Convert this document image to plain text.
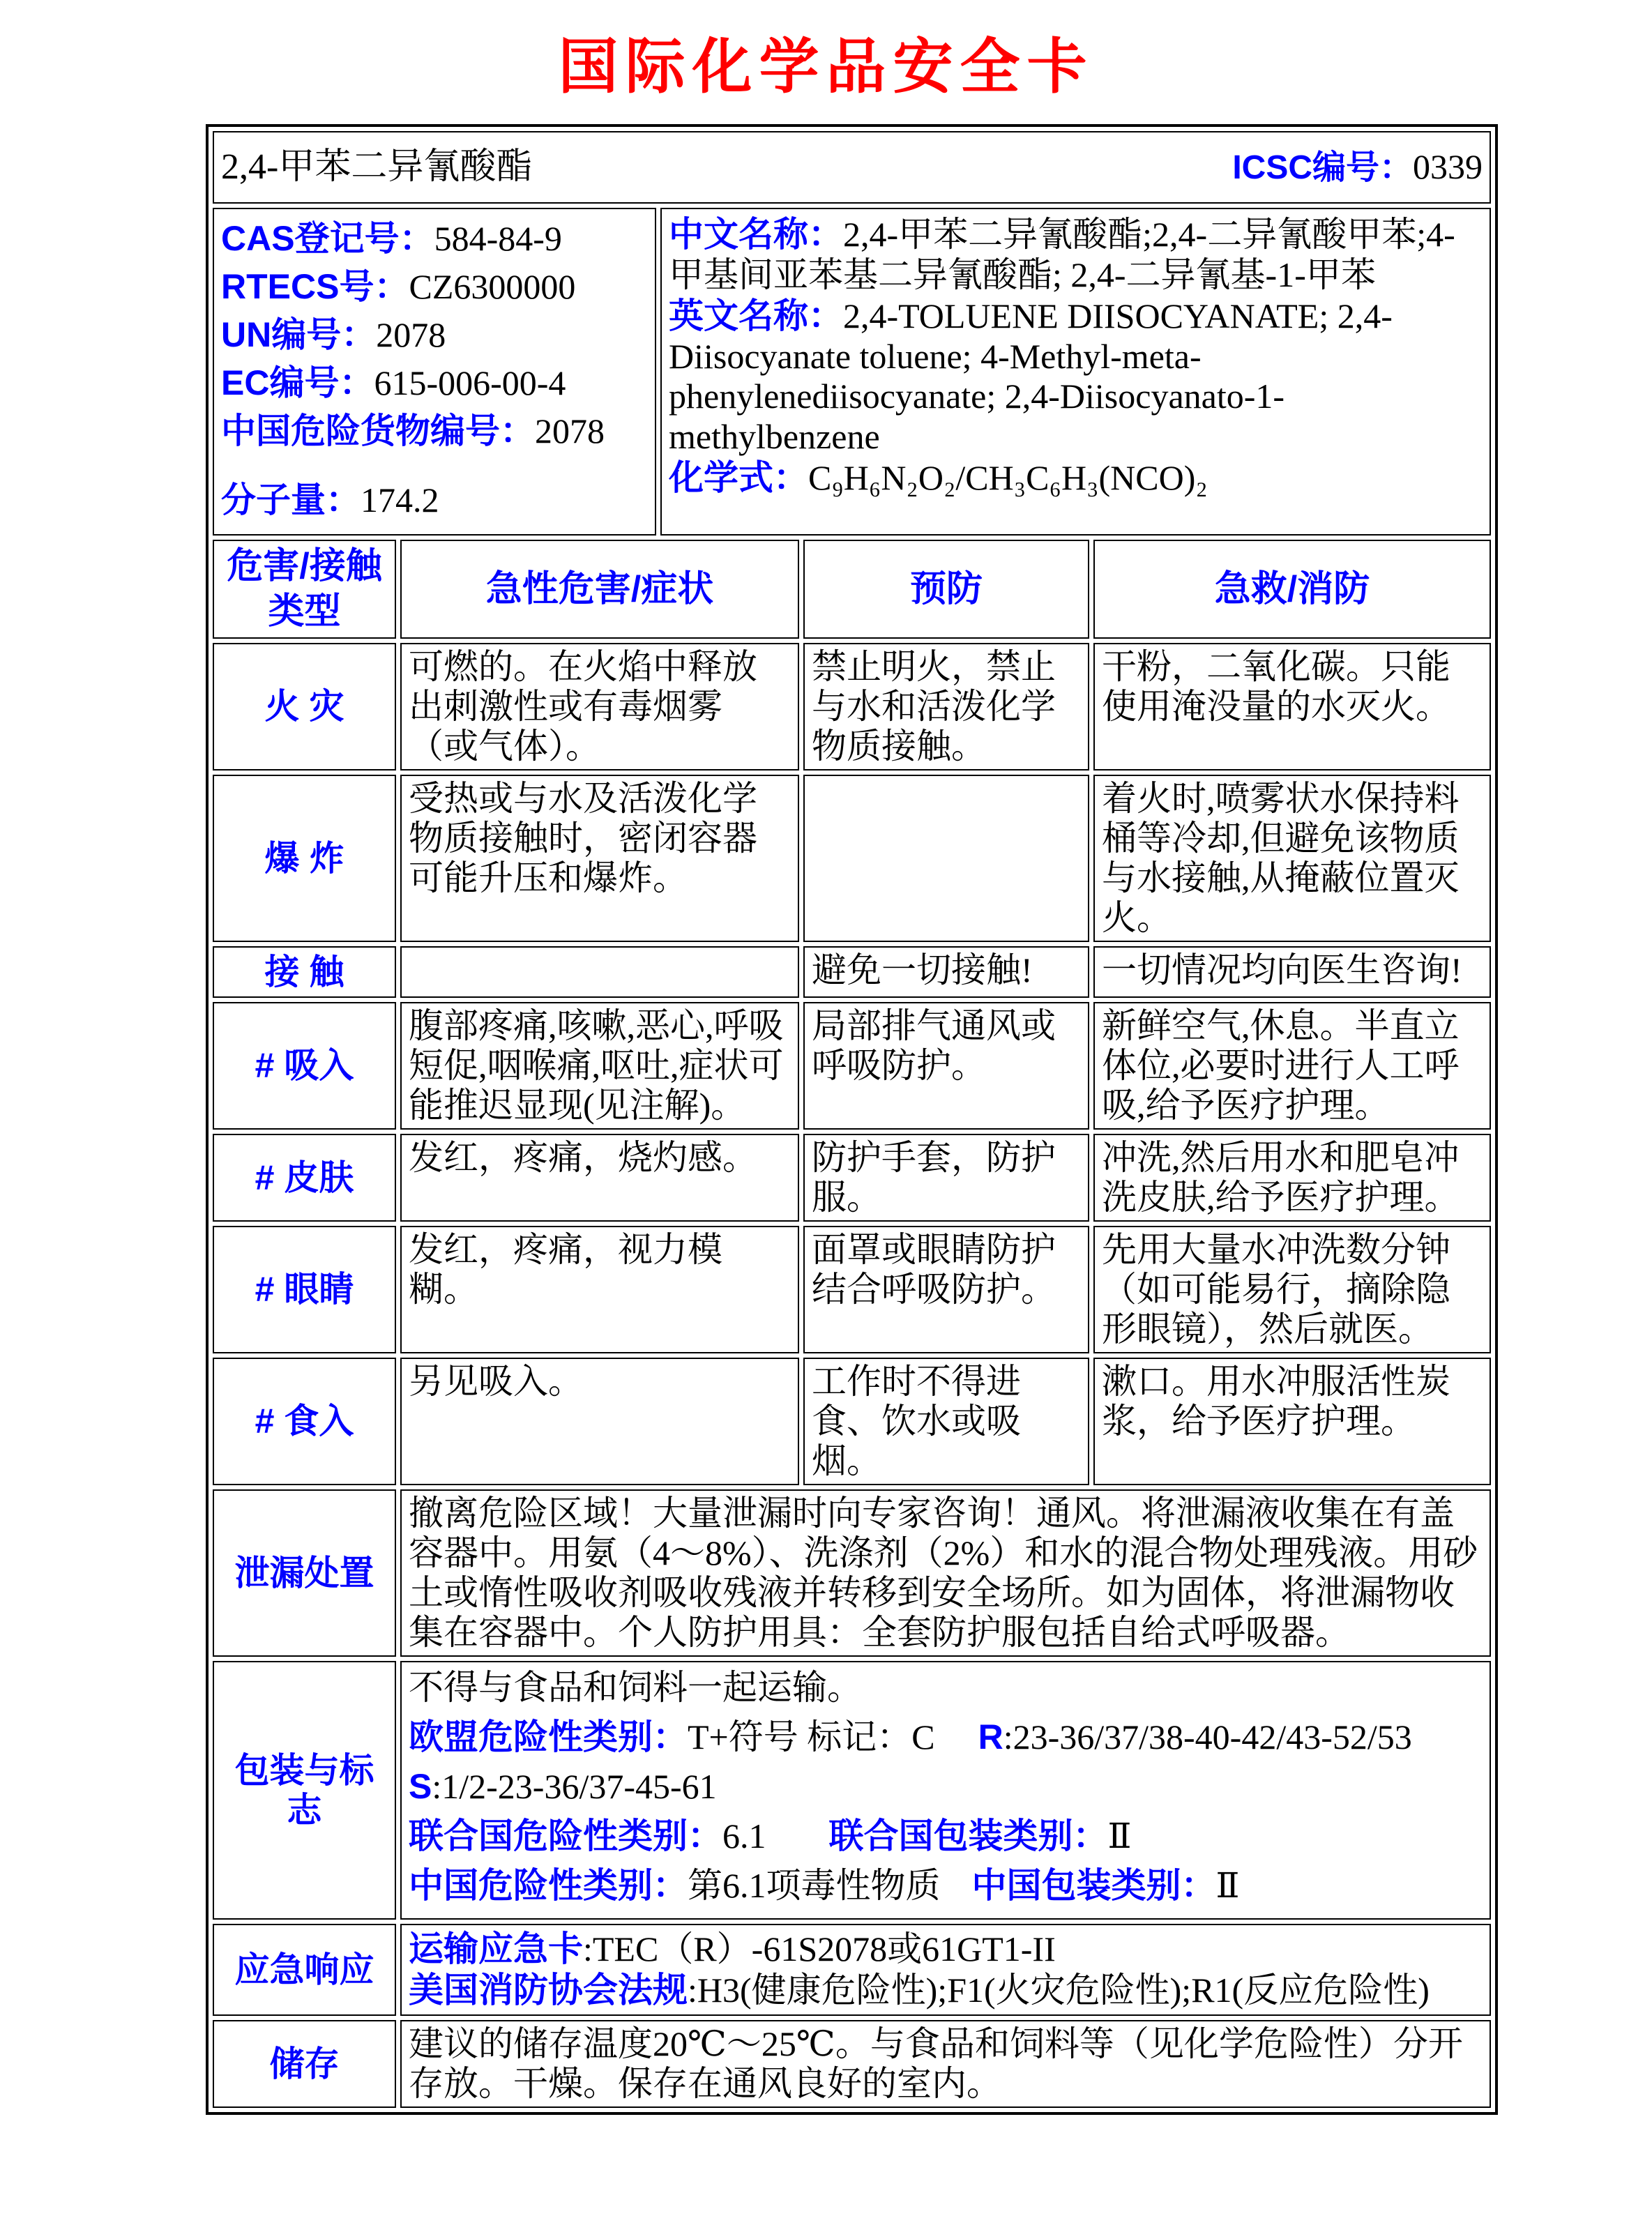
国际化学品安全卡
2,4-甲苯二异氰酸酯 ICSC编号：0339			

CAS登记号：584-84-9
RTECS号：CZ6300000
UN编号：2078
EC编号：615-006-00-4
中国危险货物编号：2078
分子量：174.2

中文名称：2,4-甲苯二异氰酸酯;2,4-二异氰酸甲苯;4-甲基间亚苯基二异氰酸酯; 2,4-二异氰基-1-甲苯

英文名称：2,4-TOLUENE DIISOCYANATE; 2,4-Diisocyanate toluene; 4-Methyl-meta-phenylenediisocyanate; 2,4-Diisocyanato-1-methylbenzene

化学式：C₉H₆N₂O₂/CH₃C₆H₃(NCO)₂

危害/接触
类型	急性危害/症状	预防	急救/消防
火 灾	可燃的。在火焰中释放出刺激性或有毒烟雾（或气体）。	禁止明火，禁止与水和活泼化学物质接触。	干粉，二氧化碳。只能使用淹没量的水灭火。
爆 炸	受热或与水及活泼化学物质接触时，密闭容器可能升压和爆炸。		着火时,喷雾状水保持料桶等冷却,但避免该物质与水接触,从掩蔽位置灭火。
接 触		避免一切接触!	一切情况均向医生咨询!
# 吸入	腹部疼痛,咳嗽,恶心,呼吸短促,咽喉痛,呕吐,症状可能推迟显现(见注解)。	局部排气通风或呼吸防护。	新鲜空气,休息。半直立体位,必要时进行人工呼吸,给予医疗护理。
# 皮肤	发红，疼痛，烧灼感。	防护手套，防护服。	冲洗,然后用水和肥皂冲洗皮肤,给予医疗护理。
# 眼睛	发红，疼痛，视力模糊。	面罩或眼睛防护结合呼吸防护。	先用大量水冲洗数分钟（如可能易行，摘除隐形眼镜），然后就医。
# 食入	另见吸入。	工作时不得进食、饮水或吸烟。	漱口。用水冲服活性炭浆，给予医疗护理。
泄漏处置	撤离危险区域！大量泄漏时向专家咨询！通风。将泄漏液收集在有盖容器中。用氨（4～8%）、洗涤剂（2%）和水的混合物处理残液。用砂土或惰性吸收剂吸收残液并转移到安全场所。如为固体，将泄漏物收集在容器中。个人防护用具：全套防护服包括自给式呼吸器。		
包装与标志	不得与食品和饲料一起运输。
欧盟危险性类别：T+符号 标记：C R:23-36/37/38-40-42/43-52/53
S:1/2-23-36/37-45-61
联合国危险性类别：6.1 联合国包装类别：Ⅱ
中国危险性类别：第6.1项毒性物质 中国包装类别：Ⅱ		

应急响应	运输应急卡:TEC（R）-61S2078或61GT1-II
美国消防协会法规:H3(健康危险性);F1(火灾危险性);R1(反应危险性)		

储存	建议的储存温度20℃～25℃。与食品和饲料等（见化学危险性）分开存放。干燥。保存在通风良好的室内。		
